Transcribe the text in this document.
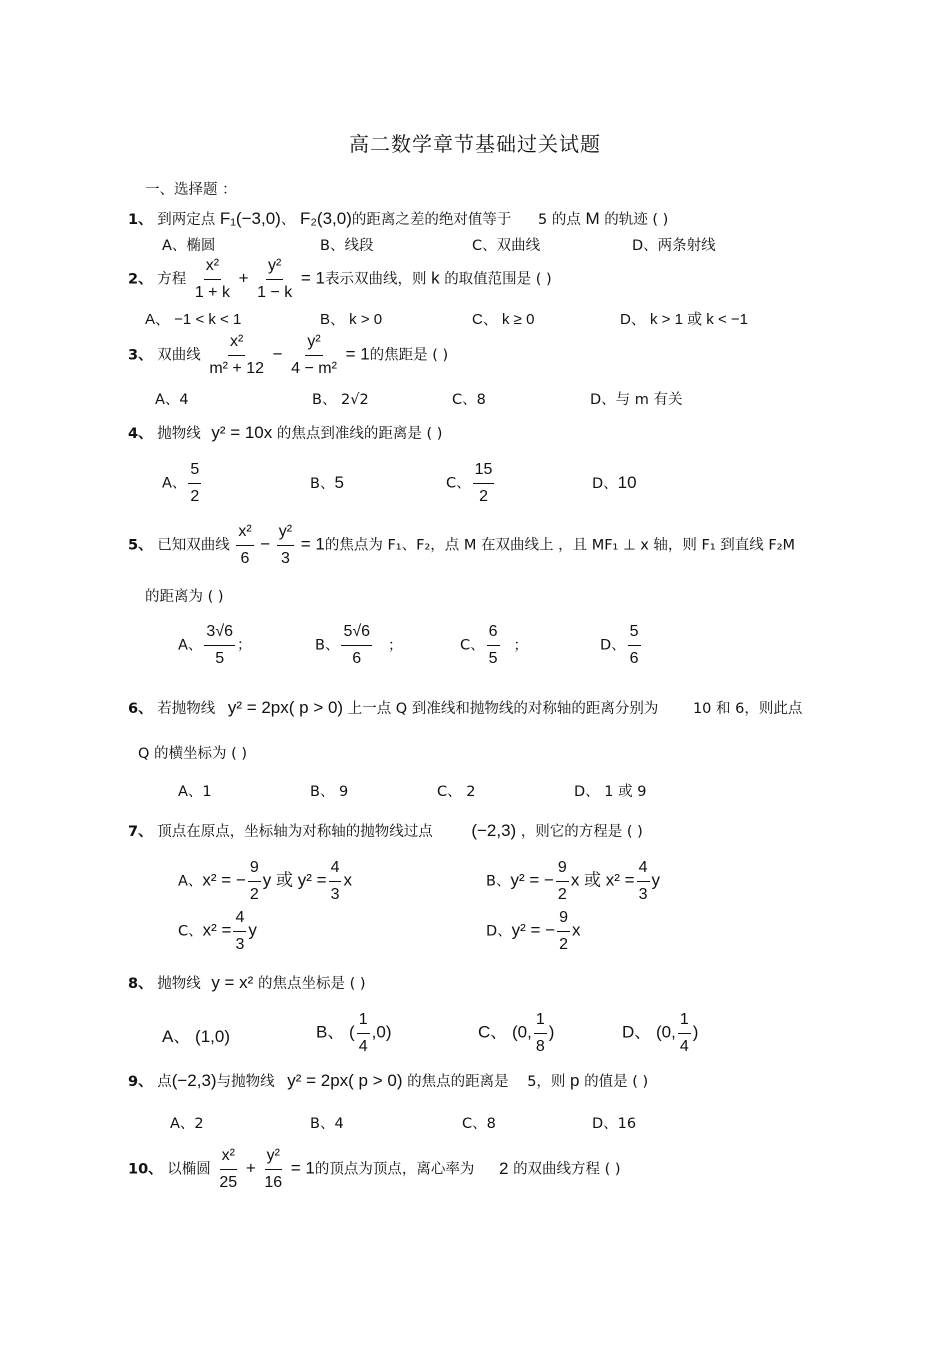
高二数学章节基础过关试题
一、选择题 ：
1、 到两定点 F₁(−3,0)、 F₂(3,0)的距离之差的绝对值等于 5 的点 M 的轨迹 ( )
A、椭圆	B、线段	C、双曲线	D、两条射线
2、 方程 $\frac{\text{x²}}{1 + k} + \frac{\text{y²}}{1 - k} = 1$表示双曲线，则 k 的取值范围是 ( )
A、 −1 < k < 1	B、 k > 0	C、 k ≥ 0	D、 k > 1 或 k < −1
3、 双曲线 $\frac{\text{x²}}{\text{m² + 12}} - \frac{\text{y²}}{\text{4 − m²}} = 1$的焦距是 ( )
A、4	B、 2√2	C、8	D、与 m 有关
4、 抛物线 y² = 10x 的焦点到准线的距离是 ( )
A、 $\frac{5}{2}$	B、5	C、 $\frac{15}{2}$	D、10
5、 已知双曲线 $\frac{\text{x²}}{6} - \frac{\text{y²}}{3} = 1$的焦点为 F₁、F₂，点 M 在双曲线上 ，且 MF₁ ⊥ x 轴，则 F₁ 到直线 F₂M
的距离为 ( )
A、 $\frac{3√6}{5}$ ；	B、 $\frac{5√6}{6}$ ；	C、 $\frac{6}{5}$ ；	D、 $\frac{5}{6}$
6、 若抛物线 y² = 2px( p > 0) 上一点 Q 到准线和抛物线的对称轴的距离分别为 10 和 6，则此点
Q 的横坐标为 ( )
A、1	B、 9	C、 2	D、 1 或 9
7、 顶点在原点，坐标轴为对称轴的抛物线过点 (−2,3) ，则它的方程是 ( )
A、x² = − $\frac{9}{2}$ y 或 $y^2 = \frac{4}{3}$ x	B、y² = − $\frac{9}{2}$ x 或 $x^2 = \frac{4}{3}$ y
C、$x^2 = \frac{4}{3}$ y	D、y² = − $\frac{9}{2}$ x
8、 抛物线 y = x² 的焦点坐标是 ( )
A、 (1,0)	B、 ( $\frac{1}{4} ,0$)	C、 (0, $\frac{1}{8}$ )	D、 (0, $\frac{1}{4}$ )
9、 点(−2,3)与抛物线 y² = 2px( p > 0) 的焦点的距离是 5，则 p 的值是 ( )
A、2	B、4	C、8	D、16
10、 以椭圆 $\frac{\text{x²}}{25} + \frac{\text{y²}}{16} = 1$的顶点为顶点，离心率为 2 的双曲线方程 ( )
